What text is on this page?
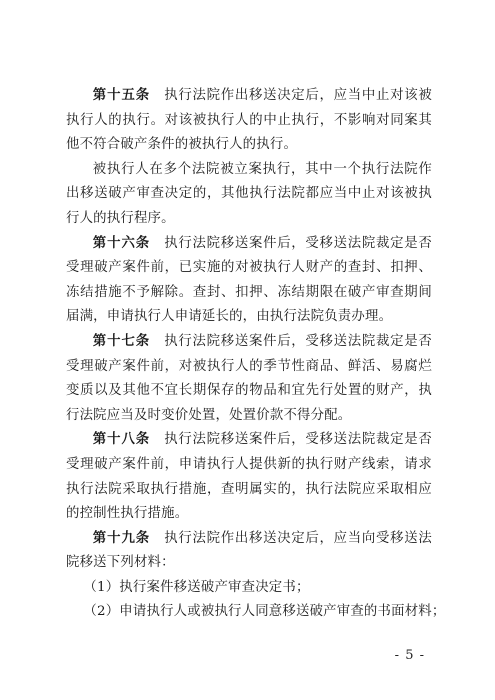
第十五条　 执行法院作出移送决定后，应当中止对该被执行人的执行。对该被执行人的中止执行，不影响对同案其他不符合破产条件的被执行人的执行。

被执行人在多个法院被立案执行，其中一个执行法院作出移送破产审查决定的，其他执行法院都应当中止对该被执行人的执行程序。

第十六条　 执行法院移送案件后，受移送法院裁定是否受理破产案件前，已实施的对被执行人财产的查封、扣押、冻结措施不予解除。查封、扣押、冻结期限在破产审查期间届满，申请执行人申请延长的，由执行法院负责办理。

第十七条　 执行法院移送案件后，受移送法院裁定是否受理破产案件前，对被执行人的季节性商品、鲜活、易腐烂变质以及其他不宜长期保存的物品和宜先行处置的财产，执行法院应当及时变价处置，处置价款不得分配。

第十八条　 执行法院移送案件后，受移送法院裁定是否受理破产案件前，申请执行人提供新的执行财产线索，请求执行法院采取执行措施，查明属实的，执行法院应采取相应的控制性执行措施。

第十九条　 执行法院作出移送决定后，应当向受移送法院移送下列材料：

（1）执行案件移送破产审查决定书；

（2）申请执行人或被执行人同意移送破产审查的书面材料；

- 5 -
